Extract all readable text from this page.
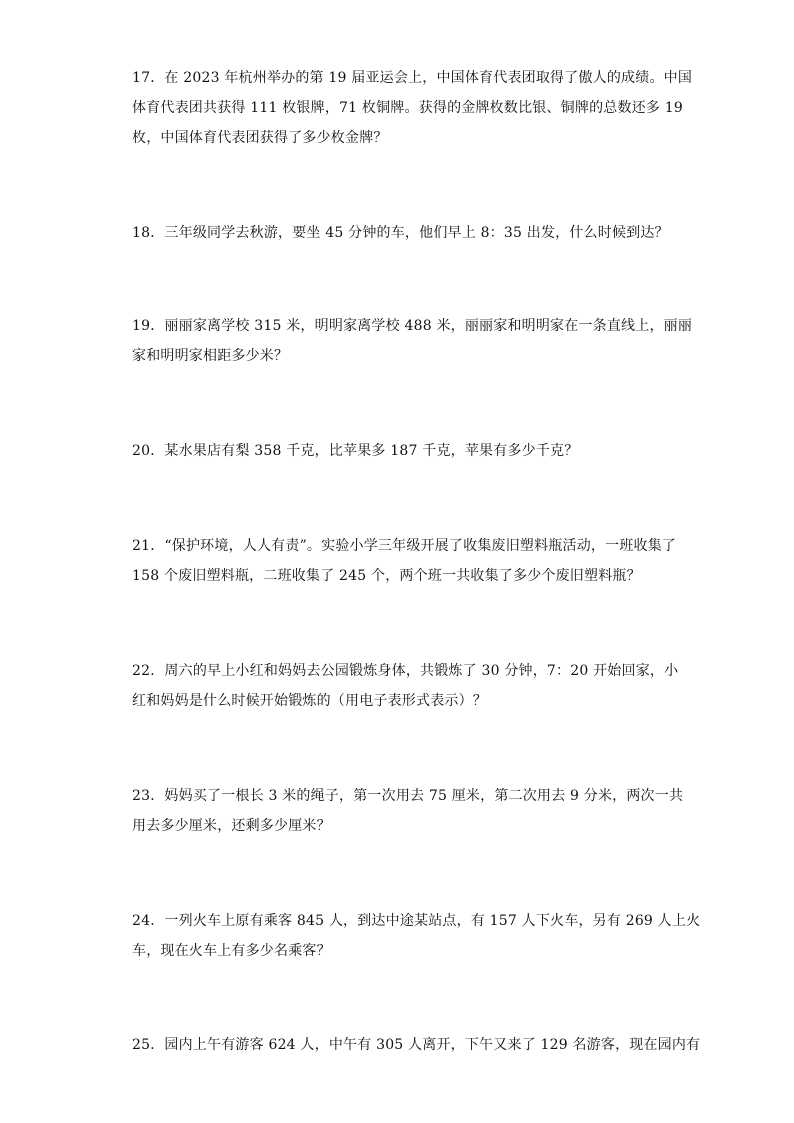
17．在 2023 年杭州举办的第 19 届亚运会上，中国体育代表团取得了傲人的成绩。中国
体育代表团共获得 111 枚银牌，71 枚铜牌。获得的金牌枚数比银、铜牌的总数还多 19
枚，中国体育代表团获得了多少枚金牌？
18．三年级同学去秋游，要坐 45 分钟的车，他们早上 8：35 出发，什么时候到达？
19．丽丽家离学校 315 米，明明家离学校 488 米，丽丽家和明明家在一条直线上，丽丽
家和明明家相距多少米？
20．某水果店有梨 358 千克，比苹果多 187 千克，苹果有多少千克？
21．“保护环境，人人有责”。实验小学三年级开展了收集废旧塑料瓶活动，一班收集了
158 个废旧塑料瓶，二班收集了 245 个，两个班一共收集了多少个废旧塑料瓶？
22．周六的早上小红和妈妈去公园锻炼身体，共锻炼了 30 分钟，7：20 开始回家，小
红和妈妈是什么时候开始锻炼的（用电子表形式表示）？
23．妈妈买了一根长 3 米的绳子，第一次用去 75 厘米，第二次用去 9 分米，两次一共
用去多少厘米，还剩多少厘米？
24．一列火车上原有乘客 845 人，到达中途某站点，有 157 人下火车，另有 269 人上火
车，现在火车上有多少名乘客？
25．园内上午有游客 624 人，中午有 305 人离开，下午又来了 129 名游客，现在园内有
